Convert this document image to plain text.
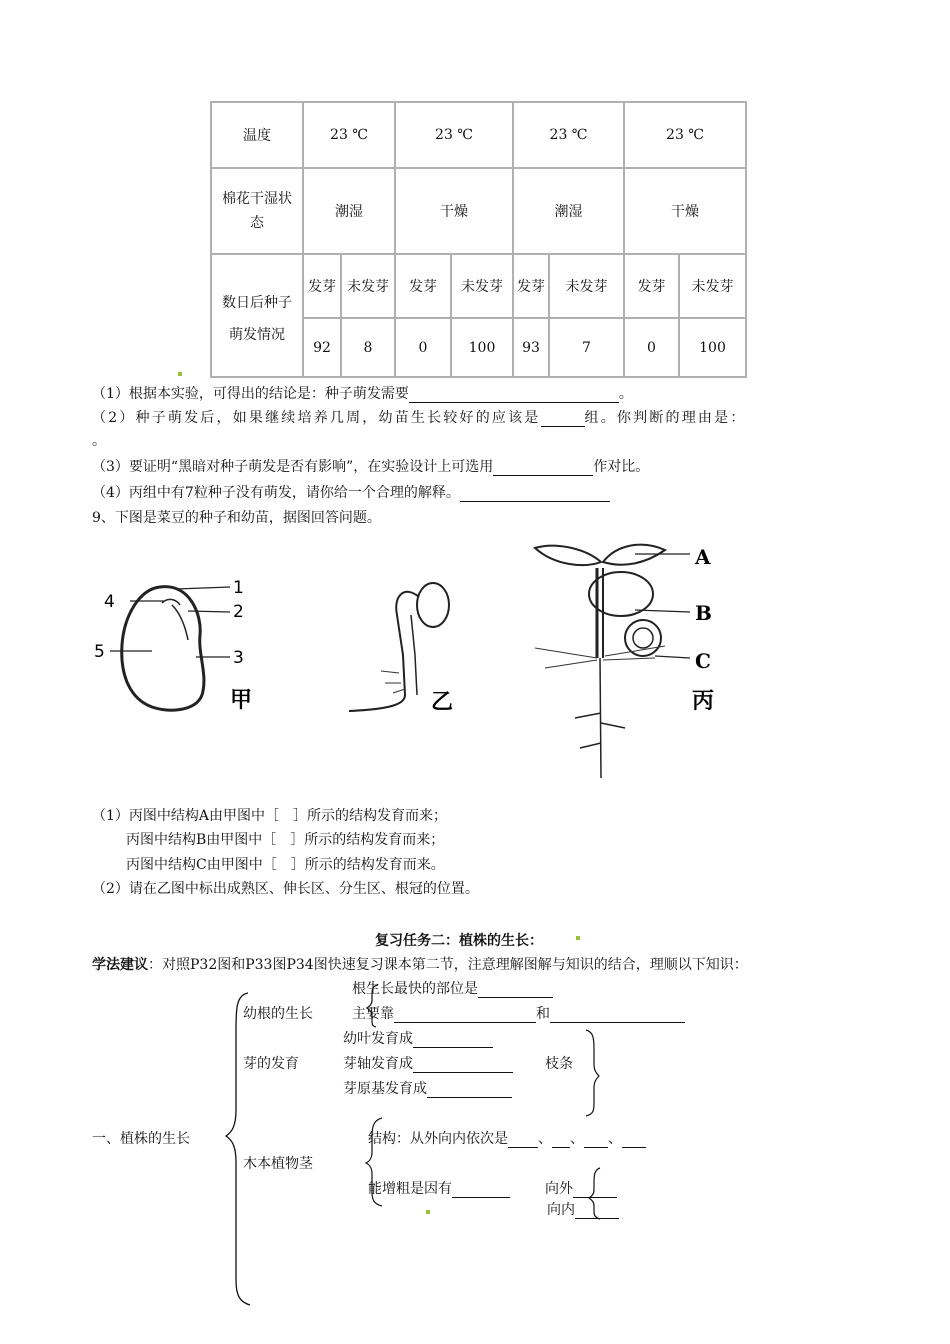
温度	23 ℃		23 ℃		23 ℃		23 ℃	
棉花干湿状态	潮湿		干燥		潮湿		干燥	
数日后种子	发芽	未发芽	发芽	未发芽	发芽	未发芽	发芽	未发芽
萌发情况	92	8	0	100	93	7	0	100
（1）根据本实验，可得出的结论是：种子萌发需要	。
（2）种子萌发后，如果继续培养几周，幼苗生长较好的应该是	组。你判断的理由是：
。
（3）要证明“黑暗对种子萌发是否有影响”，在实验设计上可选用	作对比。
（4）丙组中有7粒种子没有萌发，请你给一个合理的解释。
9、下图是菜豆的种子和幼苗，据图回答问题。
1
2
3
4
5
甲	乙
A
B
C
丙
（1）丙图中结构A由甲图中［　］所示的结构发育而来；
丙图中结构B由甲图中［　］所示的结构发育而来；
丙图中结构C由甲图中［　］所示的结构发育而来。
（2）请在乙图中标出成熟区、伸长区、分生区、根冠的位置。
复习任务二：植株的生长：
学法建议：对照P32图和P33图P34图快速复习课本第二节，注意理解图解与知识的结合，理顺以下知识：
根生长最快的部位是
幼根的生长	主要靠	和
幼叶发育成
芽的发育	芽轴发育成	枝条
芽原基发育成
一、植株的生长	结构：从外向内依次是 、 、 、
木本植物茎
能增粗是因有	向外
向内
